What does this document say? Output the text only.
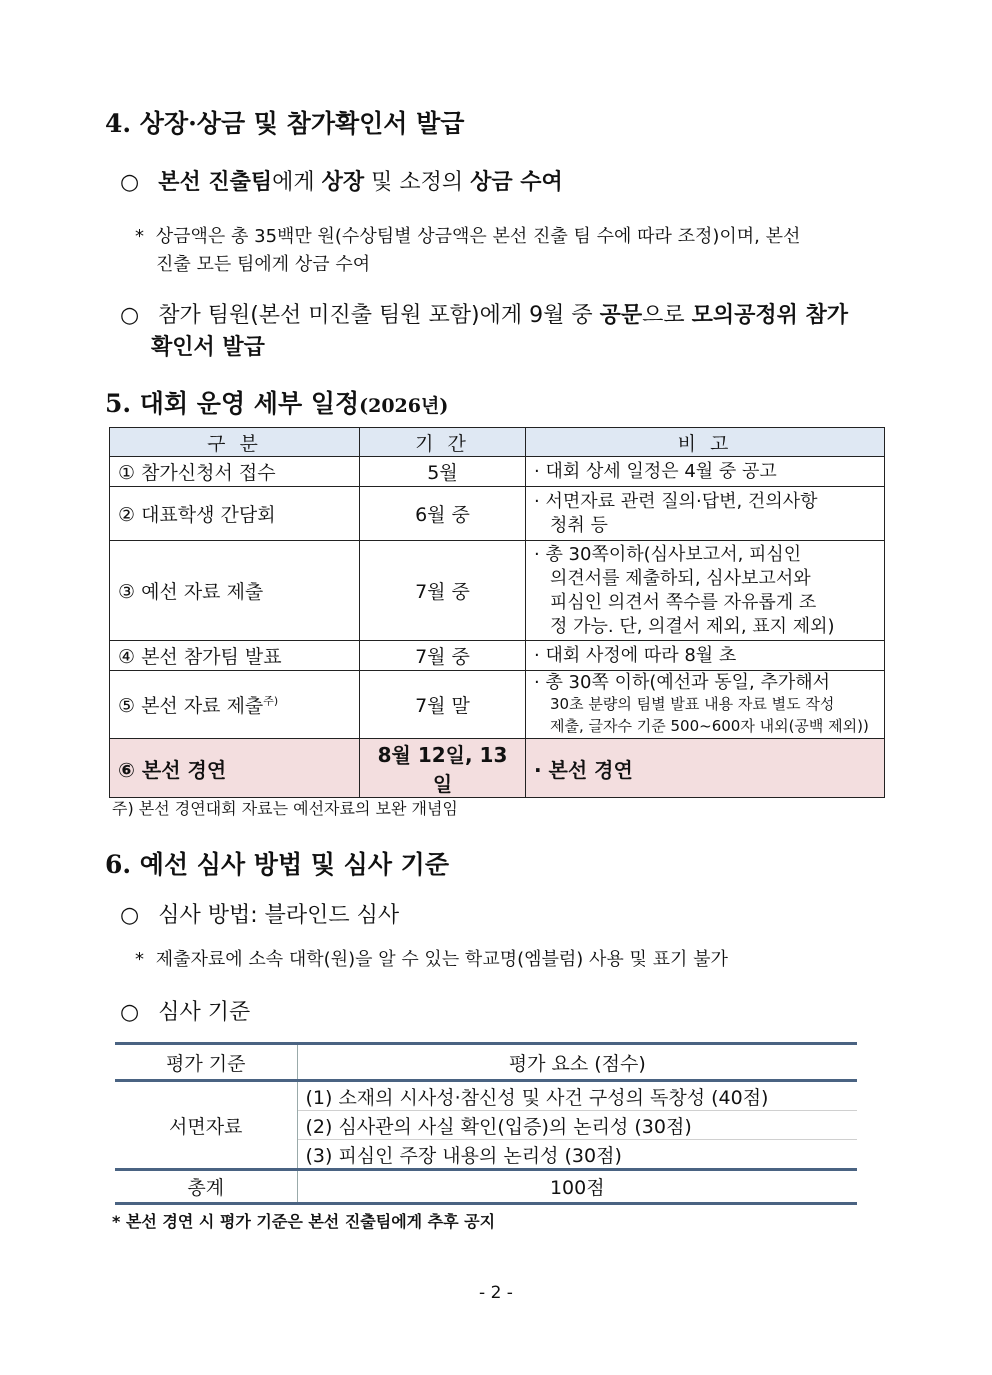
4. 상장·상금 및 참가확인서 발급
○ 본선 진출팀에게 상장 및 소정의 상금 수여
* 상금액은 총 35백만 원(수상팀별 상금액은 본선 진출 팀 수에 따라 조정)이며, 본선
진출 모든 팀에게 상금 수여
○ 참가 팀원(본선 미진출 팀원 포함)에게 9월 중 공문으로 모의공정위 참가
확인서 발급
5. 대회 운영 세부 일정(2026년)
구 분	기 간	비 고
① 참가신청서 접수	5월	· 대회 상세 일정은 4월 중 공고
② 대표학생 간담회	6월 중	· 서면자료 관련 질의·답변, 건의사항
청취 등
③ 예선 자료 제출	7월 중	· 총 30쪽이하(심사보고서, 피심인
의견서를 제출하되, 심사보고서와
피심인 의견서 쪽수를 자유롭게 조
정 가능. 단, 의결서 제외, 표지 제외)
④ 본선 참가팀 발표	7월 중	· 대회 사정에 따라 8월 초
⑤ 본선 자료 제출$^{주)}$	7월 말	· 총 30쪽 이하(예선과 동일, 추가해서
30초 분량의 팀별 발표 내용 자료 별도 작성
제출, 글자수 기준 500~600자 내외(공백 제외))
⑥ 본선 경연	8월 12일, 13일	· 본선 경연
주) 본선 경연대회 자료는 예선자료의 보완 개념임
6. 예선 심사 방법 및 심사 기준
○ 심사 방법: 블라인드 심사
* 제출자료에 소속 대학(원)을 알 수 있는 학교명(엠블럼) 사용 및 표기 불가
○ 심사 기준
평가 기준	평가 요소 (점수)
서면자료	(1) 소재의 시사성·참신성 및 사건 구성의 독창성 (40점)
	(2) 심사관의 사실 확인(입증)의 논리성 (30점)
	(3) 피심인 주장 내용의 논리성 (30점)
총계	100점
* 본선 경연 시 평가 기준은 본선 진출팀에게 추후 공지
- 2 -
